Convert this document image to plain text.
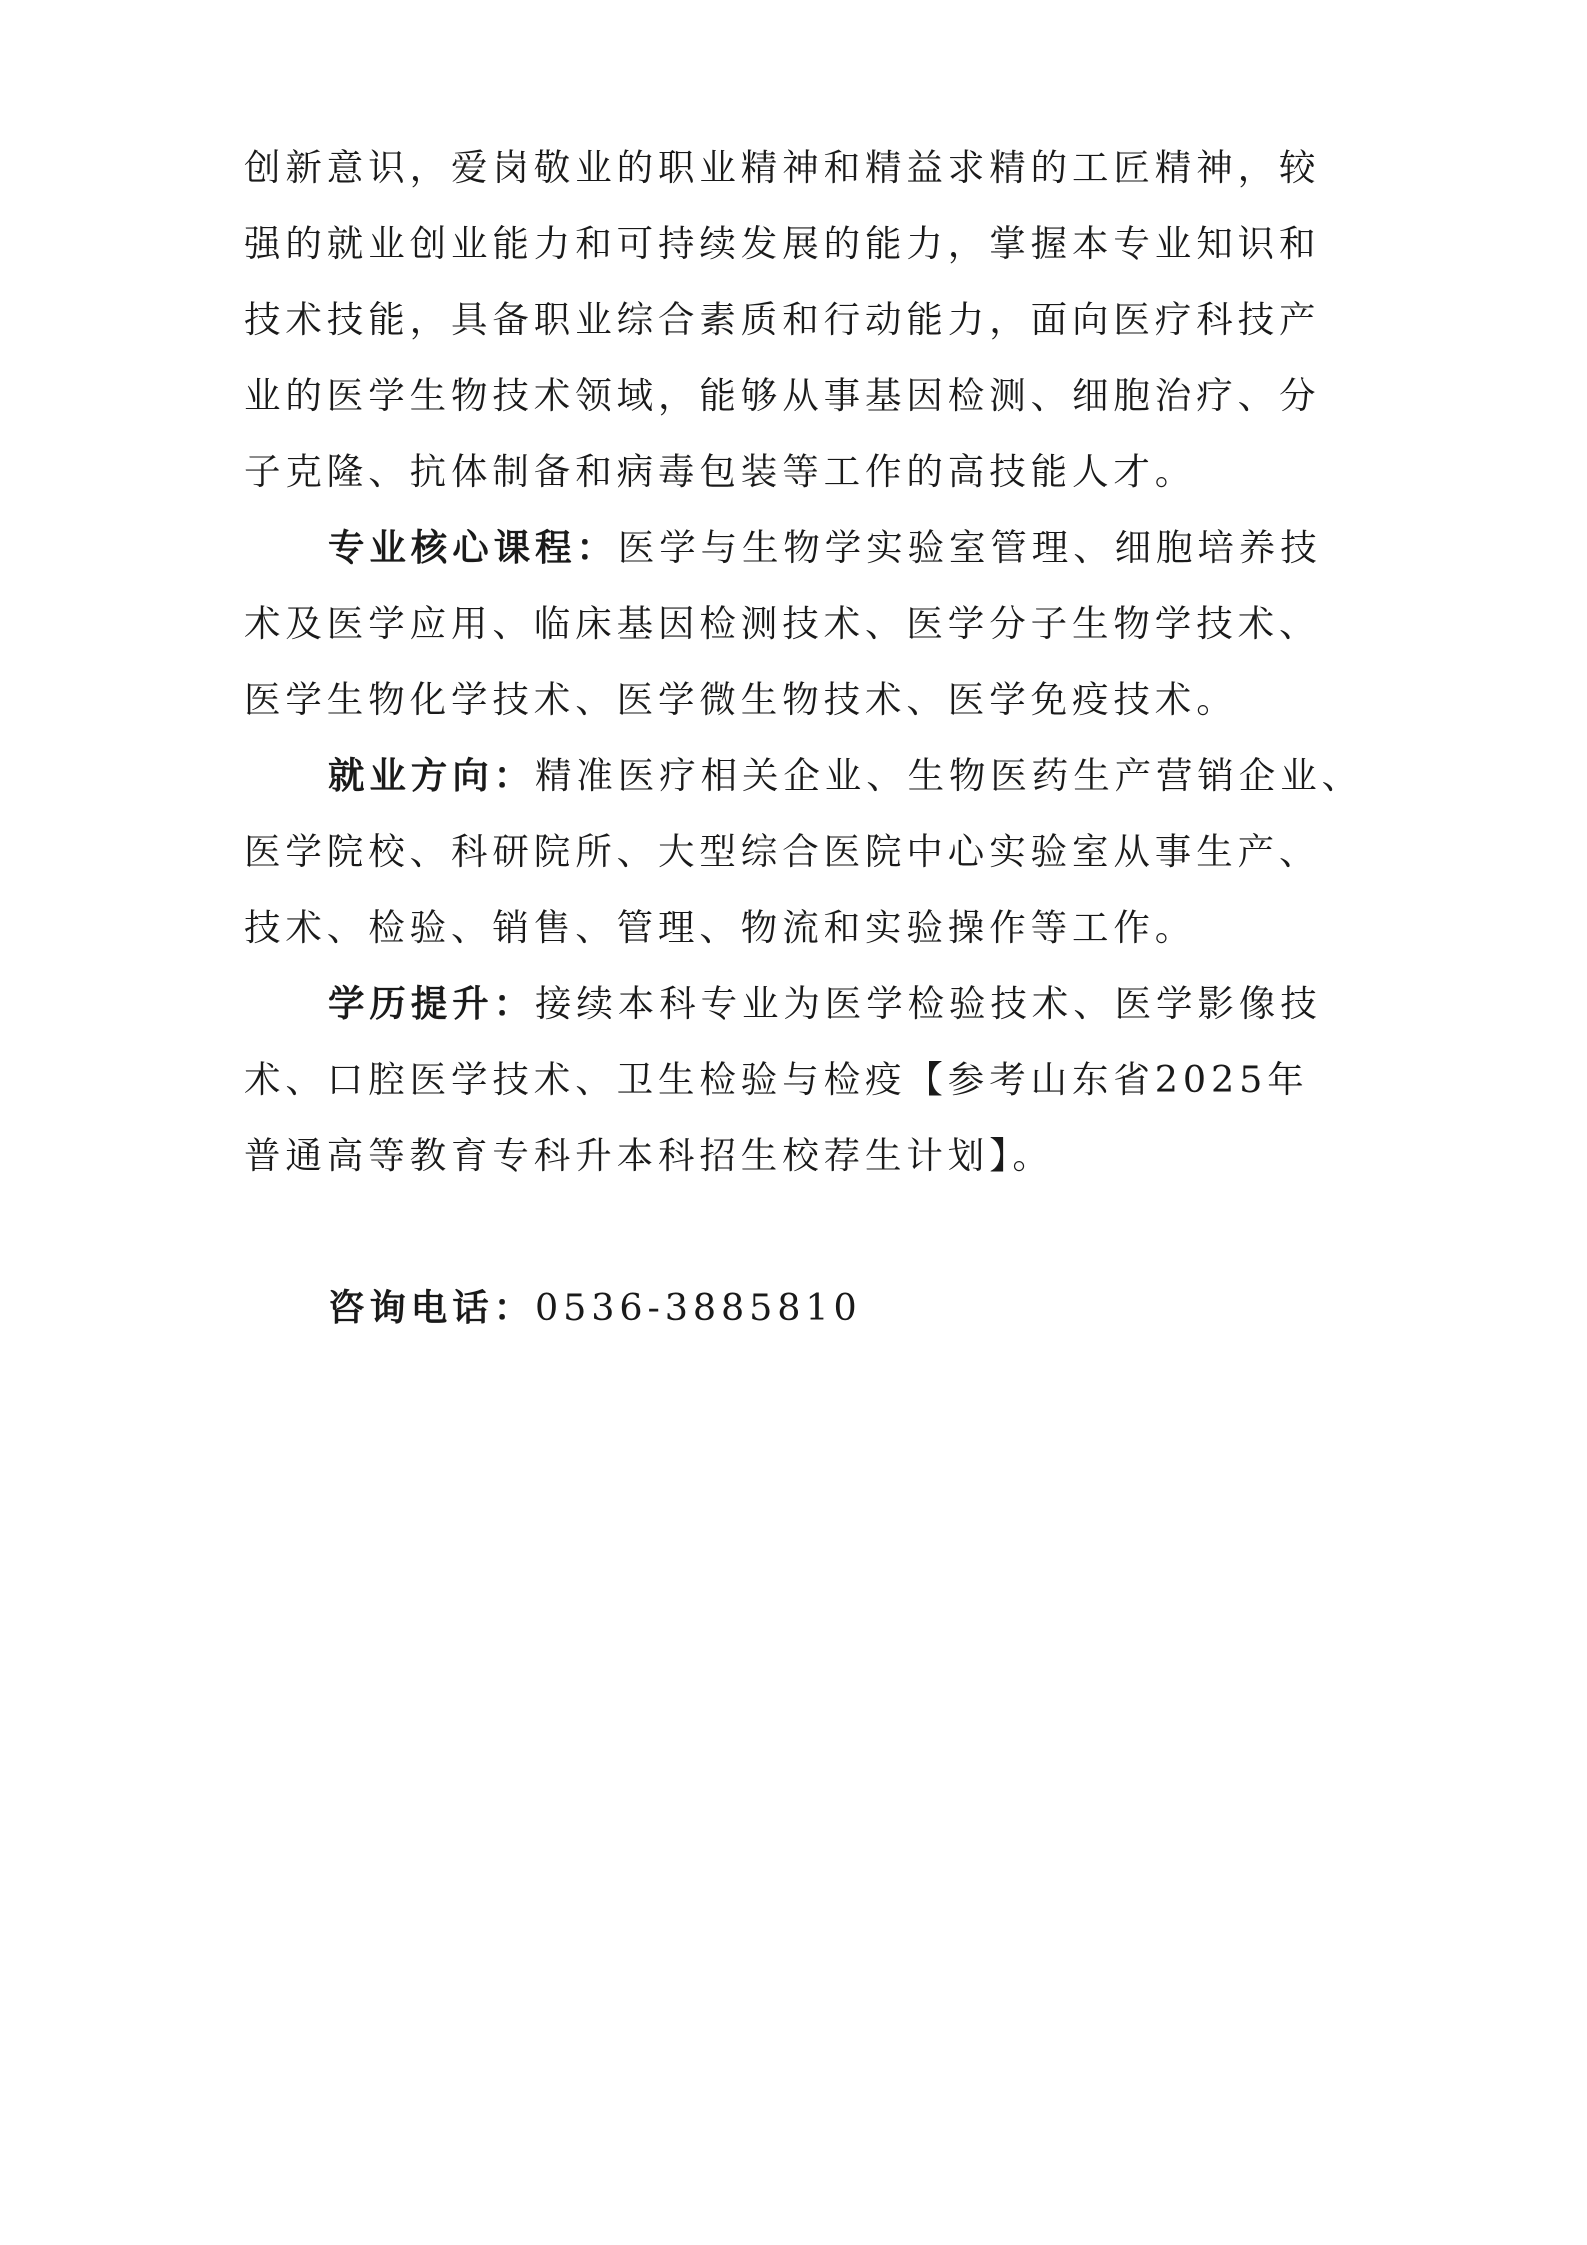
创新意识，爱岗敬业的职业精神和精益求精的工匠精神，较
强的就业创业能力和可持续发展的能力，掌握本专业知识和
技术技能，具备职业综合素质和行动能力，面向医疗科技产
业的医学生物技术领域，能够从事基因检测、细胞治疗、分
子克隆、抗体制备和病毒包装等工作的高技能人才。
专业核心课程：医学与生物学实验室管理、细胞培养技
术及医学应用、临床基因检测技术、医学分子生物学技术、
医学生物化学技术、医学微生物技术、医学免疫技术。
就业方向：精准医疗相关企业、生物医药生产营销企业、
医学院校、科研院所、大型综合医院中心实验室从事生产、
技术、检验、销售、管理、物流和实验操作等工作。
学历提升：接续本科专业为医学检验技术、医学影像技
术、口腔医学技术、卫生检验与检疫【参考山东省2025年
普通高等教育专科升本科招生校荐生计划】。
咨询电话：0536-3885810
